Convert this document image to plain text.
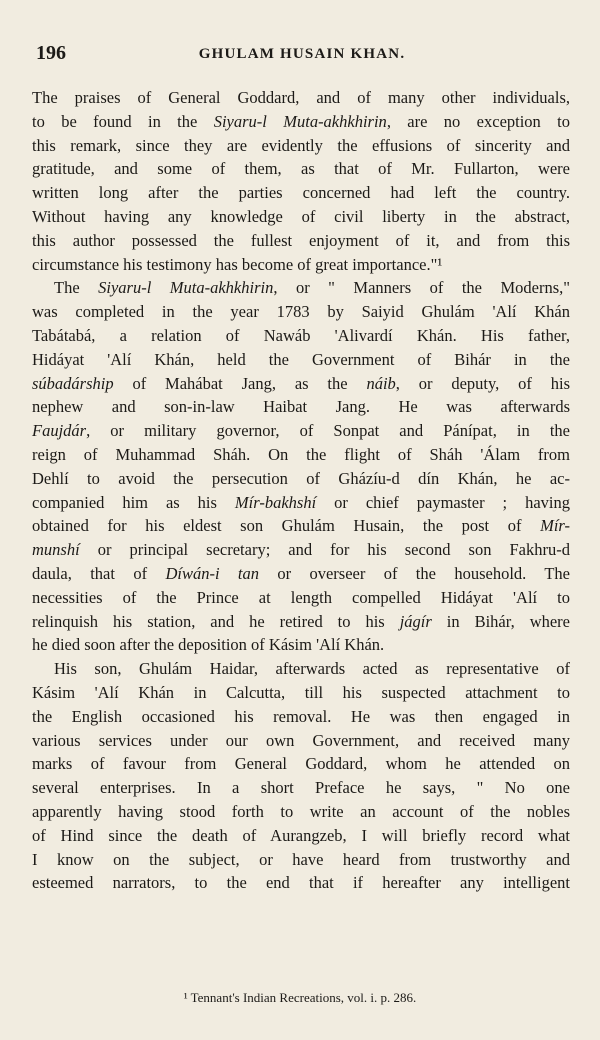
196	GHULAM HUSAIN KHAN.
The praises of General Goddard, and of many other individuals,
to be found in the Siyaru-l Muta-akhkhirin, are no exception to
this remark, since they are evidently the effusions of sincerity and
gratitude, and some of them, as that of Mr. Fullarton, were
written long after the parties concerned had left the country.
Without having any knowledge of civil liberty in the abstract,
this author possessed the fullest enjoyment of it, and from this
circumstance his testimony has become of great importance."¹
The Siyaru-l Muta-akhkhirin, or " Manners of the Moderns,"
was completed in the year 1783 by Saiyid Ghulám 'Alí Khán
Tabátabá, a relation of Nawáb 'Alivardí Khán. His father,
Hidáyat 'Alí Khán, held the Government of Bihár in the
súbadárship of Mahábat Jang, as the náib, or deputy, of his
nephew and son-in-law Haibat Jang. He was afterwards
Faujdár, or military governor, of Sonpat and Pánípat, in the
reign of Muhammad Sháh. On the flight of Sháh 'Álam from
Dehlí to avoid the persecution of Gházíu-d dín Khán, he ac-
companied him as his Mír-bakhshí or chief paymaster ; having
obtained for his eldest son Ghulám Husain, the post of Mír-
munshí or principal secretary; and for his second son Fakhru-d
daula, that of Díwán-i tan or overseer of the household. The
necessities of the Prince at length compelled Hidáyat 'Alí to
relinquish his station, and he retired to his jágír in Bihár, where
he died soon after the deposition of Kásim 'Alí Khán.
His son, Ghulám Haidar, afterwards acted as representative of
Kásim 'Alí Khán in Calcutta, till his suspected attachment to
the English occasioned his removal. He was then engaged in
various services under our own Government, and received many
marks of favour from General Goddard, whom he attended on
several enterprises. In a short Preface he says, " No one
apparently having stood forth to write an account of the nobles
of Hind since the death of Aurangzeb, I will briefly record what
I know on the subject, or have heard from trustworthy and
esteemed narrators, to the end that if hereafter any intelligent
¹ Tennant's Indian Recreations, vol. i. p. 286.
